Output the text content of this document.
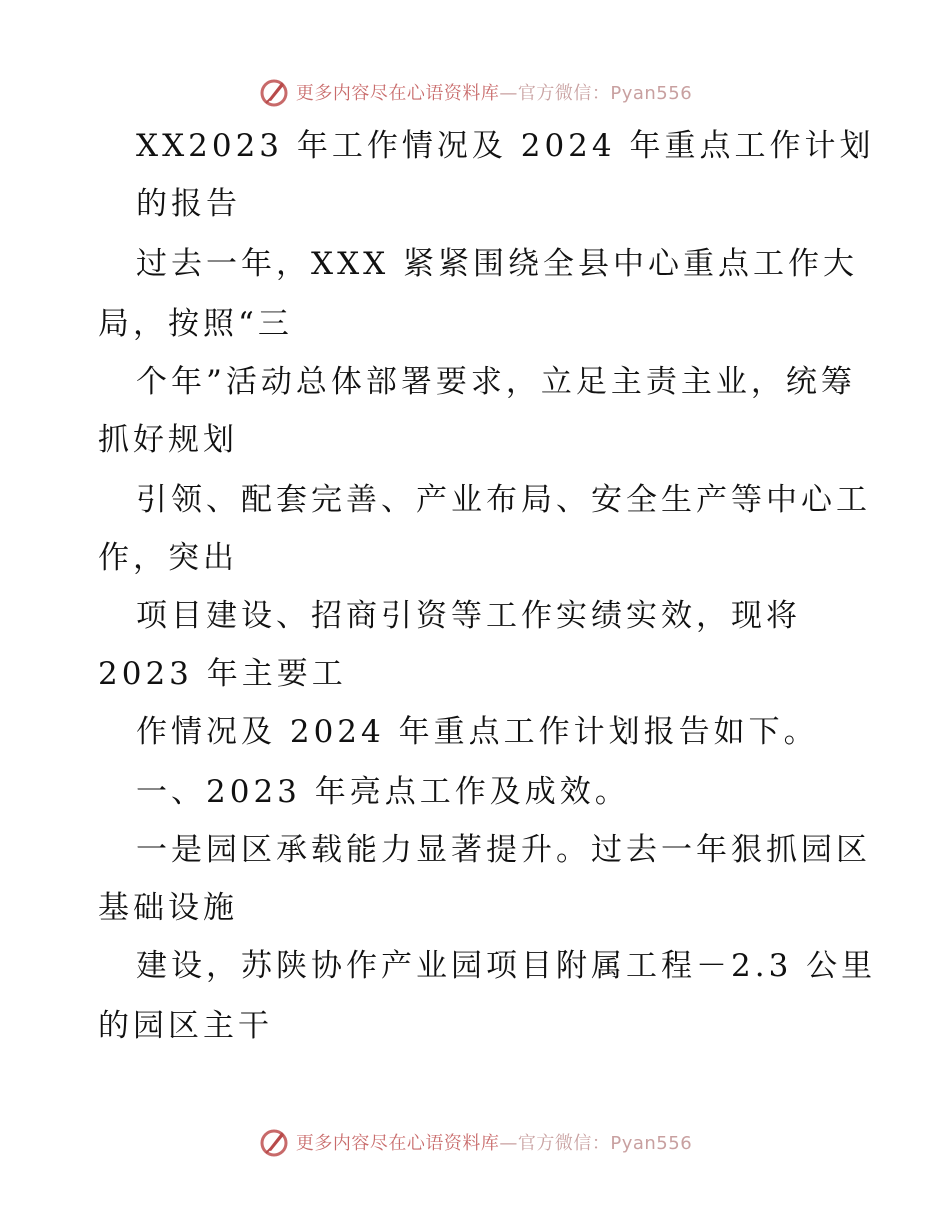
更多内容尽在心语资料库—官方微信：Pyan556
XX2023 年工作情况及 2024 年重点工作计划
的报告
过去一年，XXX 紧紧围绕全县中心重点工作大
局，按照“三
个年”活动总体部署要求，立足主责主业，统筹
抓好规划
引领、配套完善、产业布局、安全生产等中心工
作，突出
项目建设、招商引资等工作实绩实效，现将
2023 年主要工
作情况及 2024 年重点工作计划报告如下。
一、2023 年亮点工作及成效。
一是园区承载能力显著提升。过去一年狠抓园区
基础设施
建设，苏陕协作产业园项目附属工程－2.3 公里
的园区主干
更多内容尽在心语资料库—官方微信：Pyan556
